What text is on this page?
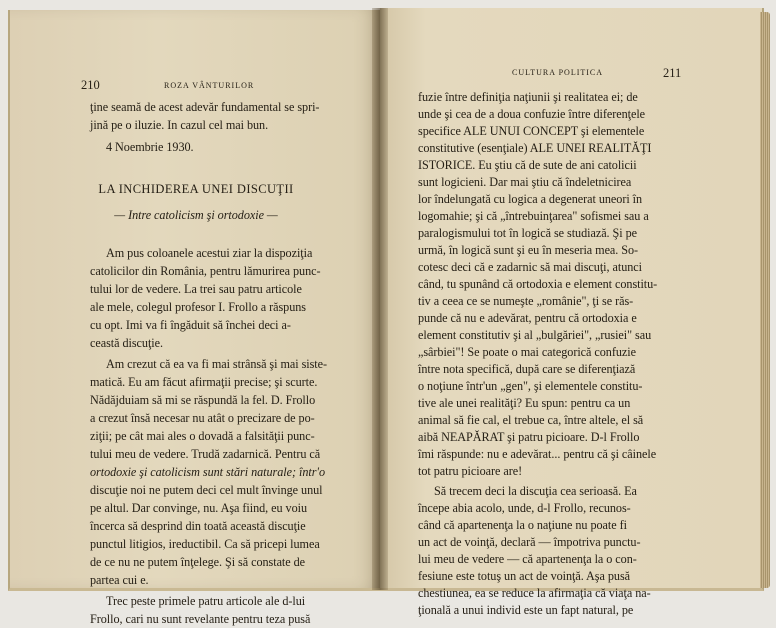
210	ROZA VÂNTURILOR
ţine seamă de acest adevăr fundamental se spri-
jină pe o iluzie. In cazul cel mai bun.
4 Noembrie 1930.
LA INCHIDEREA UNEI DISCUŢII
— Intre catolicism şi ortodoxie —
Am pus coloanele acestui ziar la dispoziţia
catolicilor din România, pentru lămurirea punc-
tului lor de vedere. La trei sau patru articole
ale mele, colegul profesor I. Frollo a răspuns
cu opt. Imi va fi îngăduit să închei deci a-
ceastă discuţie.
Am crezut că ea va fi mai strânsă şi mai siste-
matică. Eu am făcut afirmaţii precise; şi scurte.
Nădăjduiam să mi se răspundă la fel. D. Frollo
a crezut însă necesar nu atât o precizare de po-
ziţii; pe cât mai ales o dovadă a falsităţii punc-
tului meu de vedere. Trudă zadarnică. Pentru că
ortodoxie şi catolicism sunt stări naturale; într'o
discuţie noi ne putem deci cel mult învinge unul
pe altul. Dar convinge, nu. Aşa fiind, eu voiu
încerca să desprind din toată această discuţie
punctul litigios, ireductibil. Ca să pricepi lumea
de ce nu ne putem înţelege. Şi să constate de
partea cui e.
Trec peste primele patru articole ale d-lui
Frollo, cari nu sunt revelante pentru teza pusă
CULTURA POLITICA	211
fuzie între definiţia naţiunii şi realitatea ei; de
unde şi cea de a doua confuzie între diferenţele
specifice ALE UNUI CONCEPT şi elementele
constitutive (esenţiale) ALE UNEI REALITĂŢI
ISTORICE. Eu ştiu că de sute de ani catolicii
sunt logicieni. Dar mai ştiu că îndeletnicirea
lor îndelungată cu logica a degenerat uneori în
logomahie; şi că „întrebuinţarea" sofismei sau a
paralogismului tot în logică se studiază. Şi pe
urmă, în logică sunt şi eu în meseria mea. So-
cotesc deci că e zadarnic să mai discuţi, atunci
când, tu spunând că ortodoxia e element constitu-
tiv a ceea ce se numeşte „românie", ţi se răs-
punde că nu e adevărat, pentru că ortodoxia e
element constitutiv şi al „bulgăriei", „rusiei" sau
„sârbiei"! Se poate o mai categorică confuzie
între nota specifică, după care se diferenţiază
o noţiune într'un „gen", şi elementele constitu-
tive ale unei realităţi? Eu spun: pentru ca un
animal să fie cal, el trebue ca, între altele, el să
aibă NEAPĂRAT şi patru picioare. D-l Frollo
îmi răspunde: nu e adevărat... pentru că şi câinele
tot patru picioare are!
Să trecem deci la discuţia cea serioasă. Ea
începe abia acolo, unde, d-l Frollo, recunos-
când că apartenenţa la o naţiune nu poate fi
un act de voinţă, declară — împotriva punctu-
lui meu de vedere — că apartenenţa la o con-
fesiune este totuş un act de voinţă. Aşa pusă
chestiunea, ea se reduce la afirmaţia că viaţa na-
ţională a unui individ este un fapt natural, pe
